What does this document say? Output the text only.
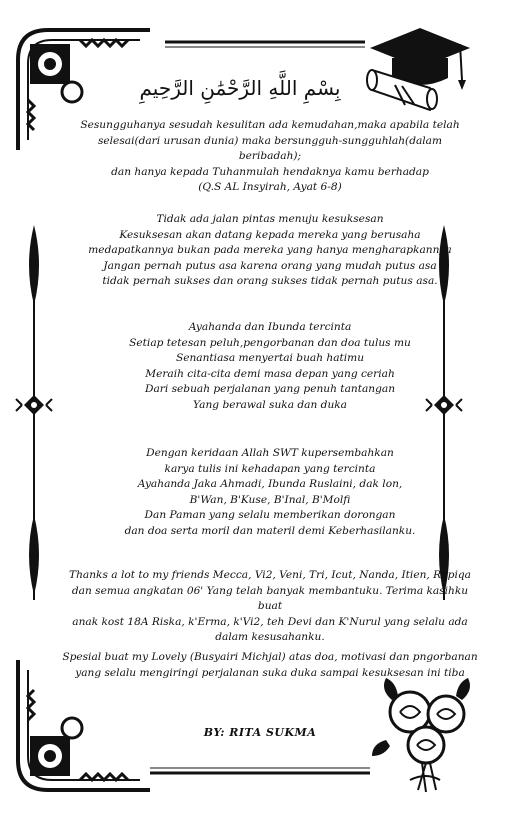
بِسْمِ اللَّهِ الرَّحْمَٰنِ الرَّحِيمِ

Sesungguhanya sesudah kesulitan ada kemudahan,maka apabila telah

selesai(dari urusan dunia) maka bersungguh-sungguhlah(dalam beribadah);

dan hanya kepada Tuhanmulah hendaknya kamu berhadap

(Q.S AL Insyirah, Ayat 6-8)

Tidak ada jalan pintas menuju kesuksesan

Kesuksesan akan datang kepada mereka yang berusaha

medapatkannya bukan pada mereka yang hanya mengharapkannya

Jangan pernah putus asa karena orang yang mudah putus asa

tidak pernah sukses dan orang sukses tidak pernah putus asa.

Ayahanda dan Ibunda tercinta

Setiap tetesan peluh,pengorbanan dan doa tulus mu

Senantiasa menyertai buah hatimu

Meraih cita-cita demi masa depan yang ceriah

Dari sebuah perjalanan yang penuh tantangan

Yang berawal suka dan duka

Dengan keridaan Allah SWT kupersembahkan

karya tulis ini kehadapan yang tercinta

Ayahanda Jaka Ahmadi, Ibunda Ruslaini, dak lon,

B'Wan, B'Kuse, B'Inal, B'Molfi

Dan Paman yang selalu memberikan dorongan

dan doa serta moril dan materil demi Keberhasilanku.

Thanks a lot to my friends Mecca, Vi2, Veni, Tri, Icut, Nanda, Itien, Rapiqa

dan semua angkatan 06' Yang telah banyak membantuku. Terima kasihku buat

anak kost 18A Riska, k'Erma, k'Vi2, teh Devi dan K'Nurul yang selalu ada

dalam kesusahanku.

Spesial buat my Lovely (Busyairi Michjal) atas doa, motivasi dan pngorbanan

yang selalu mengiringi perjalanan suka duka sampai kesuksesan ini tiba

BY: RITA SUKMA
